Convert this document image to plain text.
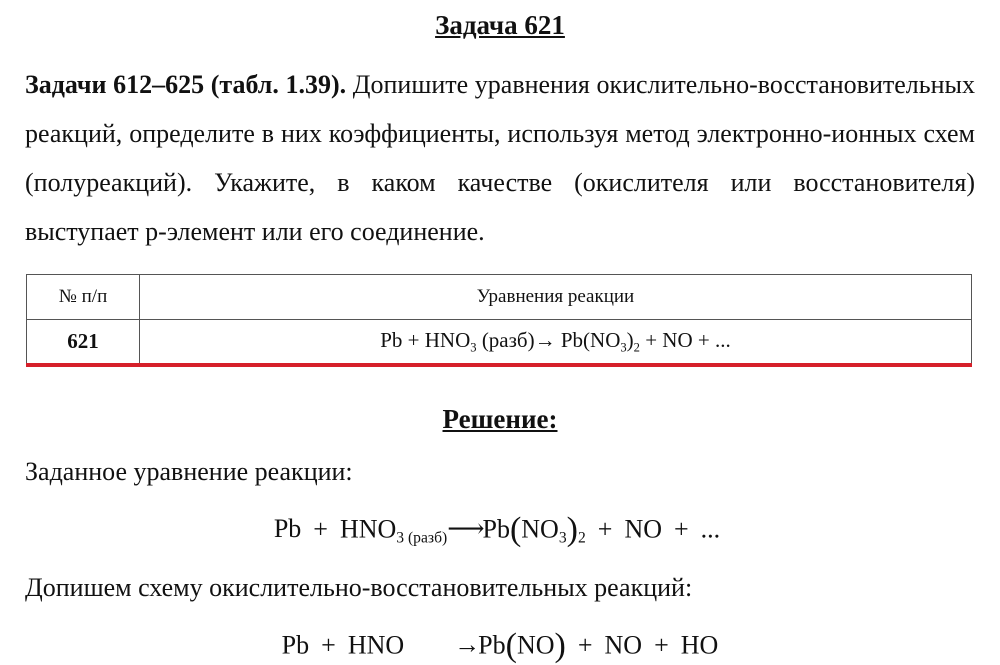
Задача 621
Задачи 612–625 (табл. 1.39). Допишите уравнения окислительно-восстановительных реакций, определите в них коэффициенты, используя метод электронно-ионных схем (полуреакций). Укажите, в каком качестве (окислителя или восстановителя) выступает p-элемент или его соединение.
№ п/п	Уравнения реакции
621	$Pb + HNO_3$ (разб)→ $Pb(NO_3)_2$ + NO + ...
Решение:
Заданное уравнение реакции:
$Pb + HNO_{3 (разб)}⟶Pb(NO_3)_2$ + NO + ...
Допишем схему окислительно-восстановительных реакций:
Pb + HNO →Pb(NO) + NO + HO
